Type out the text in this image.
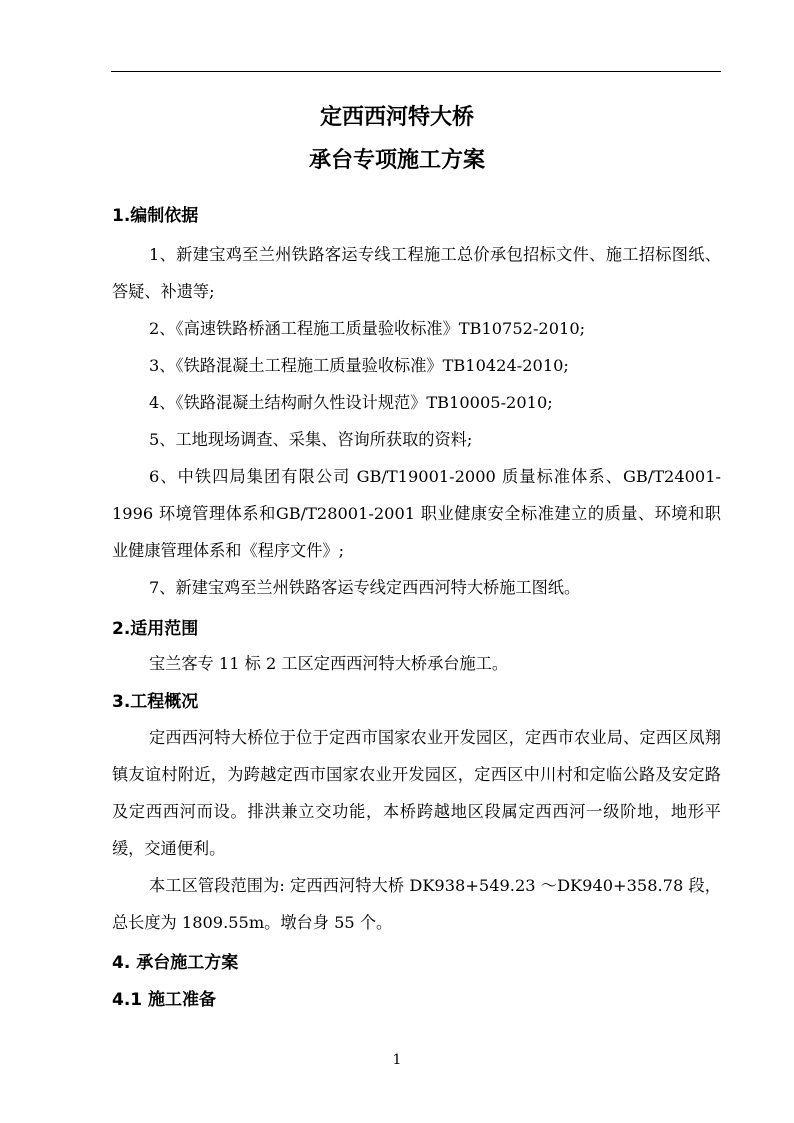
定西西河特大桥
承台专项施工方案
1.编制依据
1、新建宝鸡至兰州铁路客运专线工程施工总价承包招标文件、施工招标图纸、答疑、补遗等;
2、《高速铁路桥涵工程施工质量验收标准》TB10752-2010;
3、《铁路混凝土工程施工质量验收标准》TB10424-2010;
4、《铁路混凝土结构耐久性设计规范》TB10005-2010;
5、工地现场调查、采集、咨询所获取的资料;
6、中铁四局集团有限公司 GB/T19001-2000 质量标准体系、GB/T24001-1996 环境管理体系和GB/T28001-2001 职业健康安全标准建立的质量、环境和职业健康管理体系和《程序文件》;
7、新建宝鸡至兰州铁路客运专线定西西河特大桥施工图纸。
2.适用范围
宝兰客专 11 标 2 工区定西西河特大桥承台施工。
3.工程概况
定西西河特大桥位于位于定西市国家农业开发园区，定西市农业局、定西区凤翔镇友谊村附近，为跨越定西市国家农业开发园区，定西区中川村和定临公路及安定路及定西西河而设。排洪兼立交功能，本桥跨越地区段属定西西河一级阶地，地形平缓，交通便利。
本工区管段范围为: 定西西河特大桥 DK938+549.23 ～DK940+358.78 段，总长度为 1809.55m。墩台身 55 个。
4. 承台施工方案
4.1 施工准备
1
